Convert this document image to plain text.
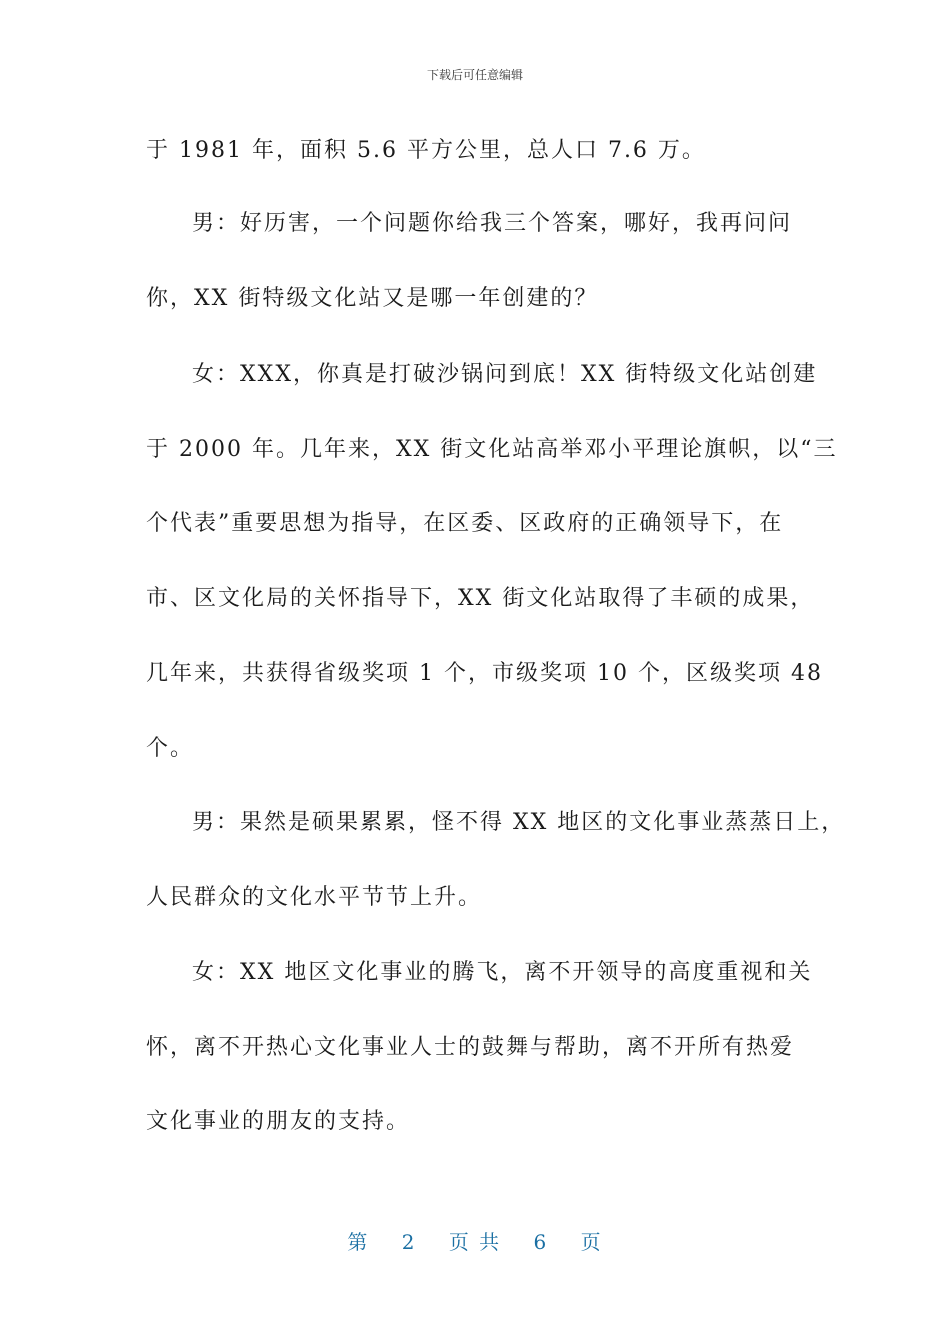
下载后可任意编辑
于 1981 年，面积 5.6 平方公里，总人口 7.6 万。
男：好历害，一个问题你给我三个答案，哪好，我再问问
你，XX 街特级文化站又是哪一年创建的？
女：XXX，你真是打破沙锅问到底！XX 街特级文化站创建
于 2000 年。几年来，XX 街文化站高举邓小平理论旗帜，以“三
个代表”重要思想为指导，在区委、区政府的正确领导下，在
市、区文化局的关怀指导下，XX 街文化站取得了丰硕的成果，
几年来，共获得省级奖项 1 个，市级奖项 10 个，区级奖项 48
个。
男：果然是硕果累累，怪不得 XX 地区的文化事业蒸蒸日上，
人民群众的文化水平节节上升。
女：XX 地区文化事业的腾飞，离不开领导的高度重视和关
怀，离不开热心文化事业人士的鼓舞与帮助，离不开所有热爱
文化事业的朋友的支持。
第 2 页 共 6 页
